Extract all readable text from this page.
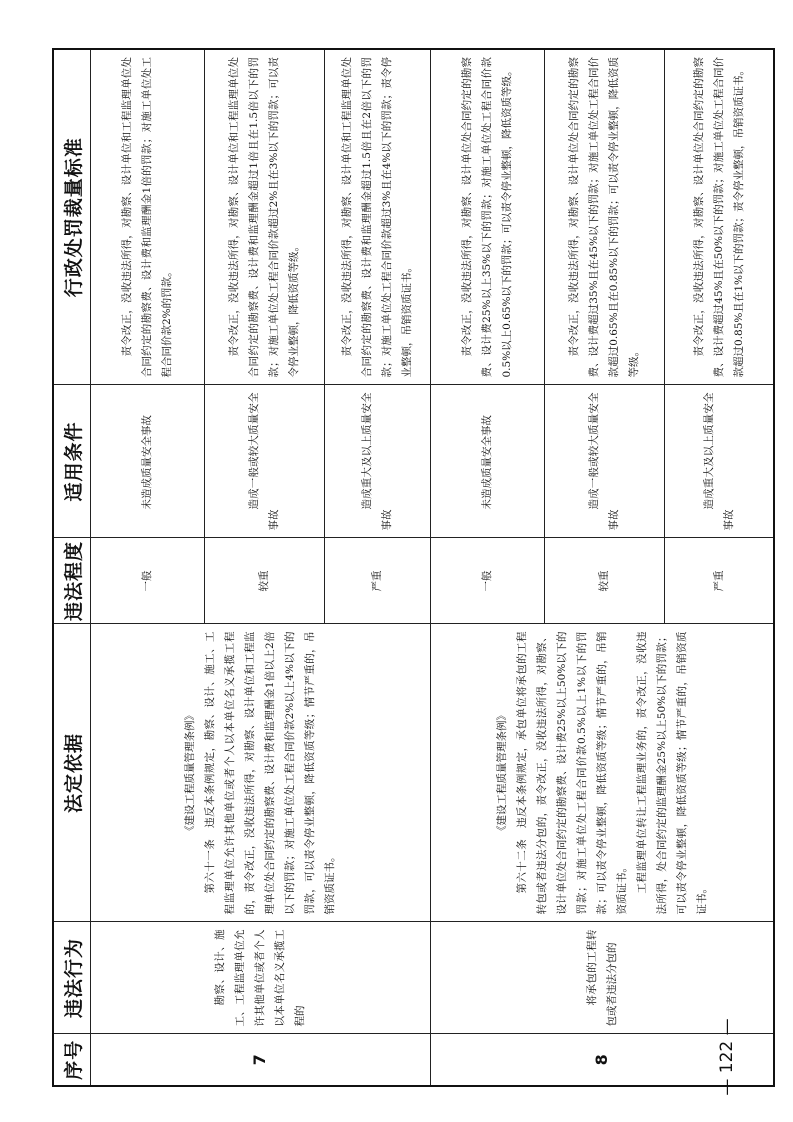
序号	违法行为	法定依据	违法程度	适用条件	行政处罚裁量标准
7	勘察、设计、施工、工程监理单位允许其他单位或者个人以本单位名义承揽工程的	《建设工程质量管理条例》 第六十一条　违反本条例规定，勘察、设计、施工、工程监理单位允许其他单位或者个人以本单位名义承揽工程的，责令改正，没收违法所得，对勘察、设计单位和工程监理单位处合同约定的勘察费、设计费和监理酬金1倍以上2倍以下的罚款；对施工单位处工程合同价款2%以上4%以下的罚款，可以责令停业整顿，降低资质等级；情节严重的，吊销资质证书。	一般	未造成质量安全事故	责令改正，没收违法所得，对勘察、设计单位和工程监理单位处合同约定的勘察费、设计费和监理酬金1倍的罚款；对施工单位处工程合同价款2%的罚款。

			较重	造成一般或较大质量安全事故	责令改正，没收违法所得，对勘察、设计单位和工程监理单位处合同约定的勘察费、设计费和监理酬金超过1倍且在1.5倍以下的罚款；对施工单位处工程合同价款超过2%且在3%以下的罚款；可以责令停业整顿，降低资质等级。

			严重	造成重大及以上质量安全事故	责令改正，没收违法所得，对勘察、设计单位和工程监理单位处合同约定的勘察费、设计费和监理酬金超过1.5倍且在2倍以下的罚款；对施工单位处工程合同价款超过3%且在4%以下的罚款；责令停业整顿，吊销资质证书。

8	将承包的工程转包或者违法分包的	《建设工程质量管理条例》 第六十二条　违反本条例规定，承包单位将承包的工程转包或者违法分包的，责令改正，没收违法所得，对勘察、设计单位处合同约定的勘察费、设计费25%以上50%以下的罚款；对施工单位处工程合同价款0.5%以上1%以下的罚款；可以责令停业整顿，降低资质等级；情节严重的，吊销资质证书。 工程监理单位转让工程监理业务的，责令改正，没收违法所得，处合同约定的监理酬金25%以上50%以下的罚款；可以责令停业整顿，降低资质等级；情节严重的，吊销资质证书。	一般	未造成质量安全事故	责令改正，没收违法所得，对勘察、设计单位处合同约定的勘察费、设计费25%以上35%以下的罚款；对施工单位处工程合同价款0.5%以上0.65%以下的罚款；可以责令停业整顿，降低资质等级。

			较重	造成一般或较大质量安全事故	责令改正，没收违法所得，对勘察、设计单位处合同约定的勘察费、设计费超过35%且在45%以下的罚款；对施工单位处工程合同价款超过0.65%且在0.85%以下的罚款；可以责令停业整顿，降低资质等级。

			严重	造成重大及以上质量安全事故	责令改正，没收违法所得，对勘察、设计单位处合同约定的勘察费、设计费超过45%且在50%以下的罚款；对施工单位处工程合同价款超过0.85%且在1%以下的罚款；责令停业整顿，吊销资质证书。

— 122 —
